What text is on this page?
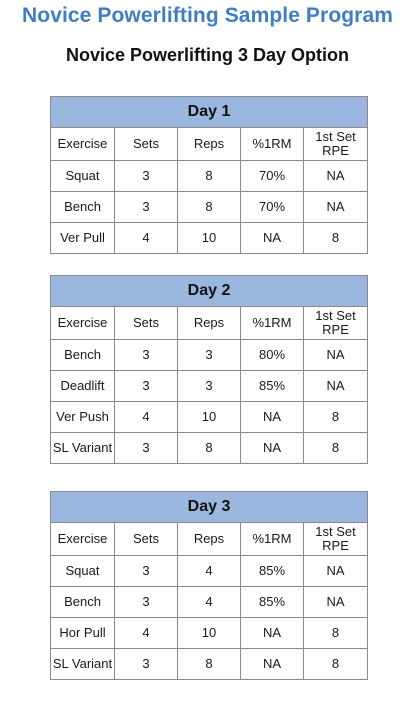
Novice Powerlifting Sample Program
Novice Powerlifting 3 Day Option
Day 1				
Exercise	Sets	Reps	%1RM	1st Set RPE
Squat	3	8	70%	NA
Bench	3	8	70%	NA
Ver Pull	4	10	NA	8
Day 2				
Exercise	Sets	Reps	%1RM	1st Set RPE
Bench	3	3	80%	NA
Deadlift	3	3	85%	NA
Ver Push	4	10	NA	8
SL Variant	3	8	NA	8
Day 3				
Exercise	Sets	Reps	%1RM	1st Set RPE
Squat	3	4	85%	NA
Bench	3	4	85%	NA
Hor Pull	4	10	NA	8
SL Variant	3	8	NA	8
